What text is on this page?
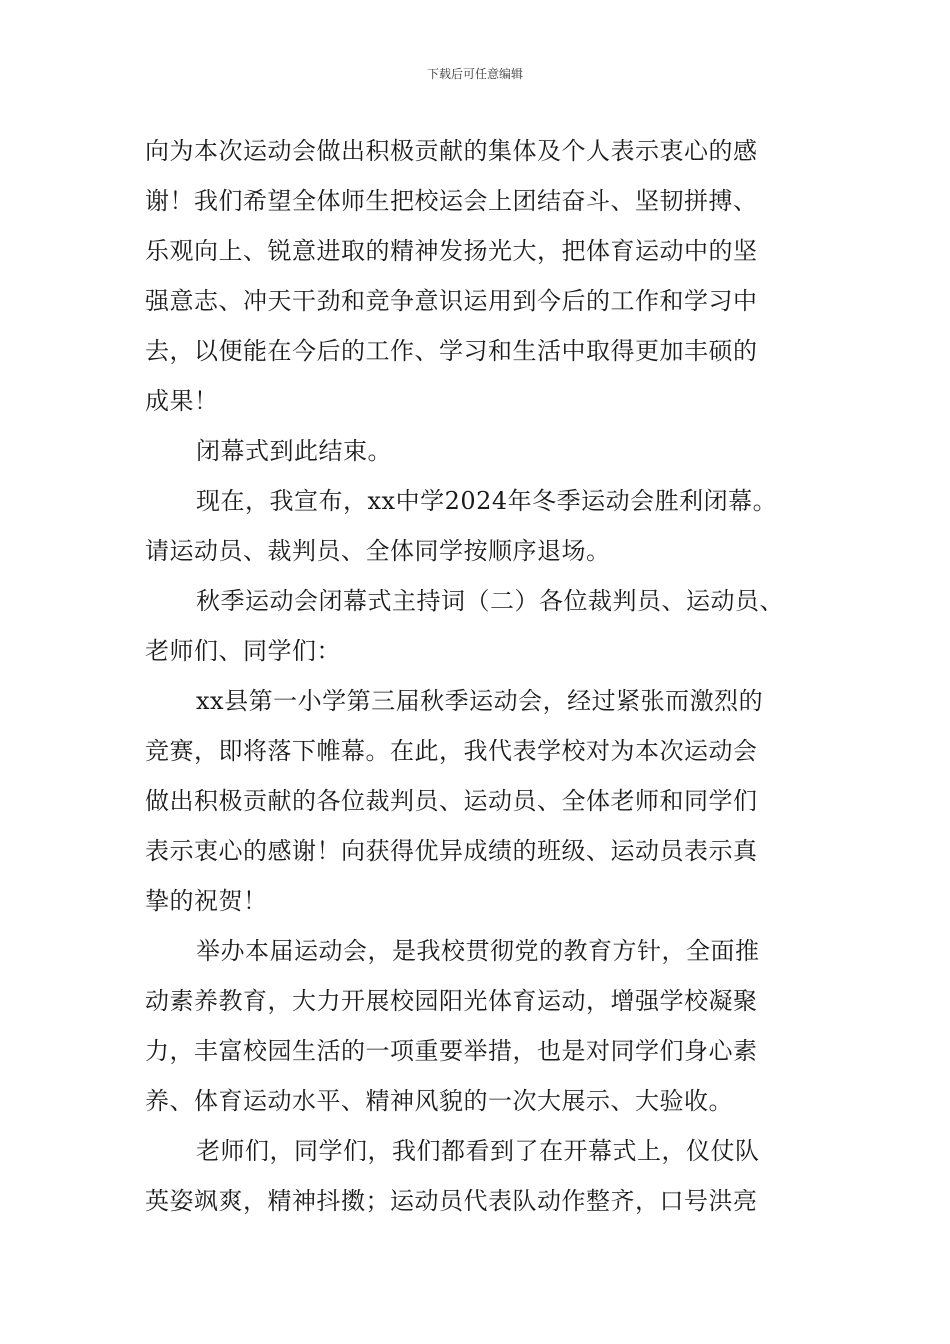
下载后可任意编辑

向为本次运动会做出积极贡献的集体及个人表示衷心的感

谢！我们希望全体师生把校运会上团结奋斗、坚韧拼搏、

乐观向上、锐意进取的精神发扬光大，把体育运动中的坚

强意志、冲天干劲和竞争意识运用到今后的工作和学习中

去，以便能在今后的工作、学习和生活中取得更加丰硕的

成果！

闭幕式到此结束。

现在，我宣布，xx中学2024年冬季运动会胜利闭幕。

请运动员、裁判员、全体同学按顺序退场。

秋季运动会闭幕式主持词（二）各位裁判员、运动员、

老师们、同学们：

xx县第一小学第三届秋季运动会，经过紧张而激烈的

竞赛，即将落下帷幕。在此，我代表学校对为本次运动会

做出积极贡献的各位裁判员、运动员、全体老师和同学们

表示衷心的感谢！向获得优异成绩的班级、运动员表示真

挚的祝贺！

举办本届运动会，是我校贯彻党的教育方针，全面推

动素养教育，大力开展校园阳光体育运动，增强学校凝聚

力，丰富校园生活的一项重要举措，也是对同学们身心素

养、体育运动水平、精神风貌的一次大展示、大验收。

老师们，同学们，我们都看到了在开幕式上，仪仗队

英姿飒爽，精神抖擞；运动员代表队动作整齐，口号洪亮
